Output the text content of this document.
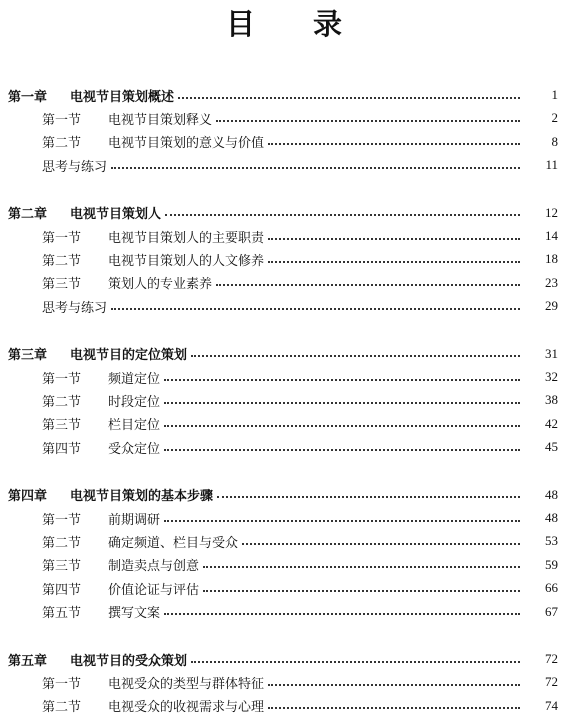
目 录
第一章	电视节目策划概述	1
第一节	电视节目策划释义	2
第二节	电视节目策划的意义与价值	8
思考与练习	11
第二章	电视节目策划人	12
第一节	电视节目策划人的主要职责	14
第二节	电视节目策划人的人文修养	18
第三节	策划人的专业素养	23
思考与练习	29
第三章	电视节目的定位策划	31
第一节	频道定位	32
第二节	时段定位	38
第三节	栏目定位	42
第四节	受众定位	45
第四章	电视节目策划的基本步骤	48
第一节	前期调研	48
第二节	确定频道、栏目与受众	53
第三节	制造卖点与创意	59
第四节	价值论证与评估	66
第五节	撰写文案	67
第五章	电视节目的受众策划	72
第一节	电视受众的类型与群体特征	72
第二节	电视受众的收视需求与心理	74
